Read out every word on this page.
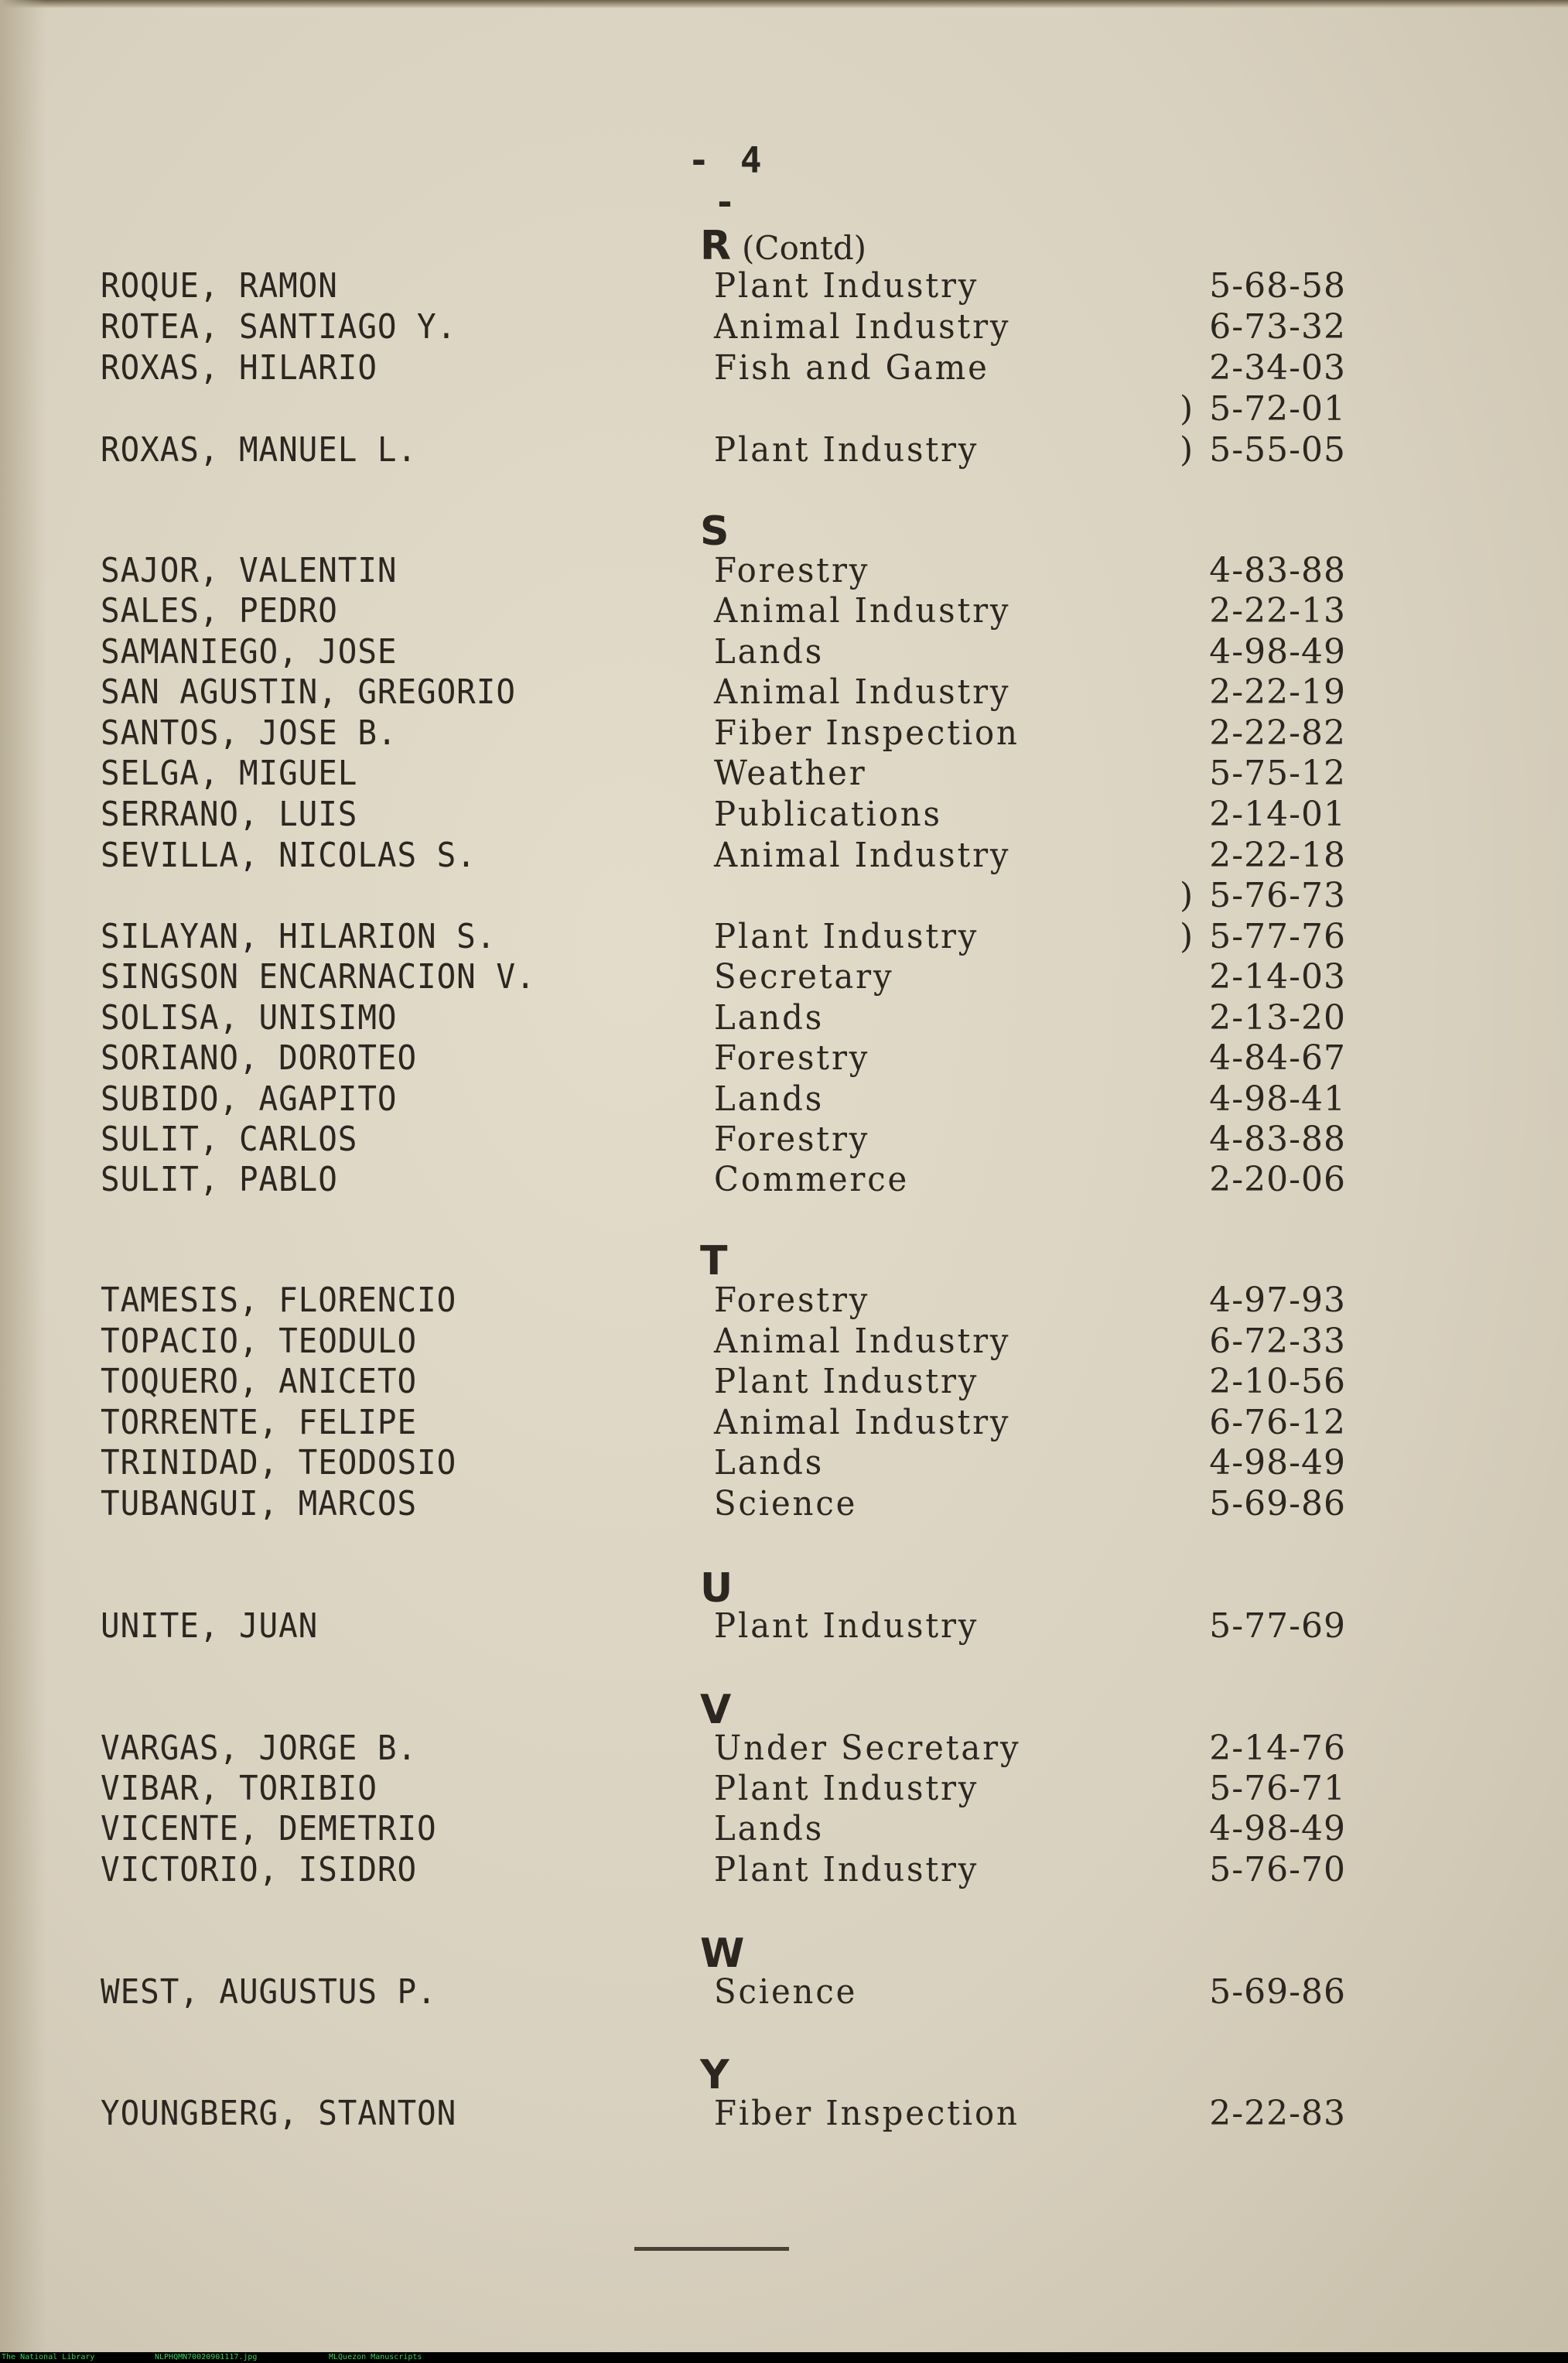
- 4 -
R (Contd)
ROQUE, RAMON	Plant Industry	5-68-58
ROTEA, SANTIAGO Y.	Animal Industry	6-73-32
ROXAS, HILARIO	Fish and Game	2-34-03
) 5-72-01
ROXAS, MANUEL L.	Plant Industry	) 5-55-05
S
SAJOR, VALENTIN	Forestry	4-83-88
SALES, PEDRO	Animal Industry	2-22-13
SAMANIEGO, JOSE	Lands	4-98-49
SAN AGUSTIN, GREGORIO	Animal Industry	2-22-19
SANTOS, JOSE B.	Fiber Inspection	2-22-82
SELGA, MIGUEL	Weather	5-75-12
SERRANO, LUIS	Publications	2-14-01
SEVILLA, NICOLAS S.	Animal Industry	2-22-18
) 5-76-73
SILAYAN, HILARION S.	Plant Industry	) 5-77-76
SINGSON ENCARNACION V.	Secretary	2-14-03
SOLISA, UNISIMO	Lands	2-13-20
SORIANO, DOROTEO	Forestry	4-84-67
SUBIDO, AGAPITO	Lands	4-98-41
SULIT, CARLOS	Forestry	4-83-88
SULIT, PABLO	Commerce	2-20-06
T
TAMESIS, FLORENCIO	Forestry	4-97-93
TOPACIO, TEODULO	Animal Industry	6-72-33
TOQUERO, ANICETO	Plant Industry	2-10-56
TORRENTE, FELIPE	Animal Industry	6-76-12
TRINIDAD, TEODOSIO	Lands	4-98-49
TUBANGUI, MARCOS	Science	5-69-86
U
UNITE, JUAN	Plant Industry	5-77-69
V
VARGAS, JORGE B.	Under Secretary	2-14-76
VIBAR, TORIBIO	Plant Industry	5-76-71
VICENTE, DEMETRIO	Lands	4-98-49
VICTORIO, ISIDRO	Plant Industry	5-76-70
W
WEST, AUGUSTUS P.	Science	5-69-86
Y
YOUNGBERG, STANTON	Fiber Inspection	2-22-83
The National Library	NLPHQMN70020901117.jpg	MLQuezon Manuscripts
